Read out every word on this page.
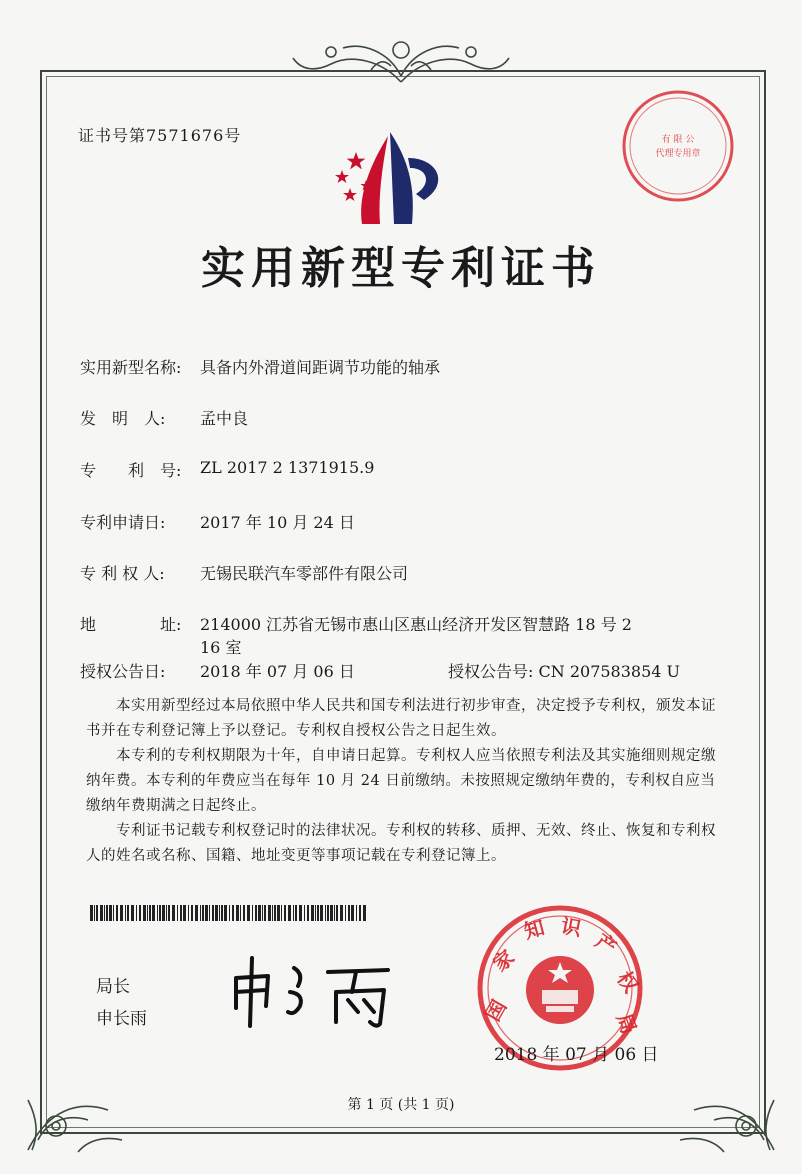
证书号第7571676号	有 限 公
代理专用章
实用新型专利证书
实用新型名称: 具备内外滑道间距调节功能的轴承
发　明　人: 孟中良
专　　利　号: ZL 2017 2 1371915.9
专利申请日: 2017 年 10 月 24 日
专 利 权 人: 无锡民联汽车零部件有限公司
地　　　　址: 214000 江苏省无锡市惠山区惠山经济开发区智慧路 18 号 2
16 室
授权公告日: 2018 年 07 月 06 日	授权公告号: CN 207583854 U
本实用新型经过本局依照中华人民共和国专利法进行初步审查，决定授予专利权，颁发本证书并在专利登记簿上予以登记。专利权自授权公告之日起生效。
本专利的专利权期限为十年，自申请日起算。专利权人应当依照专利法及其实施细则规定缴纳年费。本专利的年费应当在每年 10 月 24 日前缴纳。未按照规定缴纳年费的，专利权自应当缴纳年费期满之日起终止。
专利证书记载专利权登记时的法律状况。专利权的转移、质押、无效、终止、恢复和专利权人的姓名或名称、国籍、地址变更等事项记载在专利登记簿上。
局长
申长雨	国
家
知 识
产
权
局
2018 年 07 月 06 日
第 1 页 (共 1 页)
